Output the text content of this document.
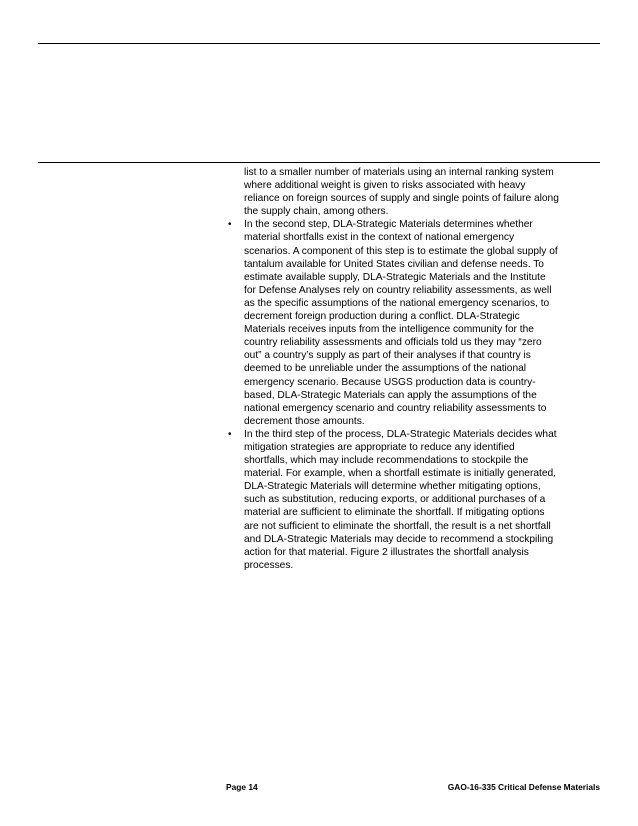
list to a smaller number of materials using an internal ranking system
where additional weight is given to risks associated with heavy
reliance on foreign sources of supply and single points of failure along
the supply chain, among others.
• In the second step, DLA-Strategic Materials determines whether
material shortfalls exist in the context of national emergency
scenarios. A component of this step is to estimate the global supply of
tantalum available for United States civilian and defense needs. To
estimate available supply, DLA-Strategic Materials and the Institute
for Defense Analyses rely on country reliability assessments, as well
as the specific assumptions of the national emergency scenarios, to
decrement foreign production during a conflict. DLA-Strategic
Materials receives inputs from the intelligence community for the
country reliability assessments and officials told us they may “zero
out” a country’s supply as part of their analyses if that country is
deemed to be unreliable under the assumptions of the national
emergency scenario. Because USGS production data is country-
based, DLA-Strategic Materials can apply the assumptions of the
national emergency scenario and country reliability assessments to
decrement those amounts.
• In the third step of the process, DLA-Strategic Materials decides what
mitigation strategies are appropriate to reduce any identified
shortfalls, which may include recommendations to stockpile the
material. For example, when a shortfall estimate is initially generated,
DLA-Strategic Materials will determine whether mitigating options,
such as substitution, reducing exports, or additional purchases of a
material are sufficient to eliminate the shortfall. If mitigating options
are not sufficient to eliminate the shortfall, the result is a net shortfall
and DLA-Strategic Materials may decide to recommend a stockpiling
action for that material. Figure 2 illustrates the shortfall analysis
processes.
Page 14	GAO-16-335 Critical Defense Materials
